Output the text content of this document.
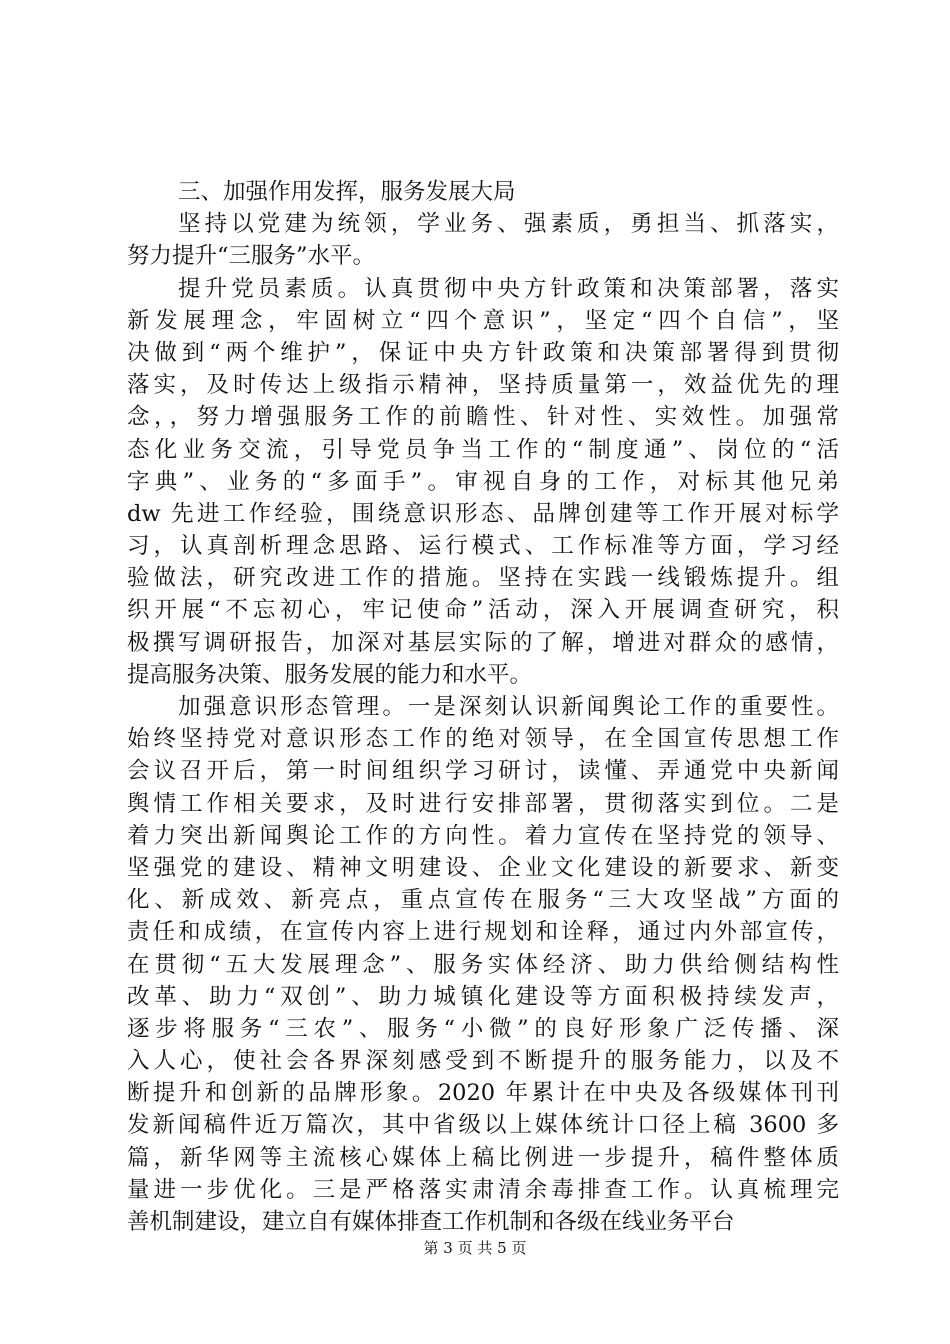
三、加强作用发挥，服务发展大局
坚持以党建为统领，学业务、强素质，勇担当、抓落实，
努力提升“三服务”水平。
提升党员素质。认真贯彻中央方针政策和决策部署，落实
新发展理念，牢固树立“四个意识”，坚定“四个自信”，坚
决做到“两个维护”，保证中央方针政策和决策部署得到贯彻
落实，及时传达上级指示精神，坚持质量第一，效益优先的理
念，，努力增强服务工作的前瞻性、针对性、实效性。加强常
态化业务交流，引导党员争当工作的“制度通”、岗位的“活
字典”、业务的“多面手”。审视自身的工作，对标其他兄弟
dw 先进工作经验，围绕意识形态、品牌创建等工作开展对标学
习，认真剖析理念思路、运行模式、工作标准等方面，学习经
验做法，研究改进工作的措施。坚持在实践一线锻炼提升。组
织开展“不忘初心，牢记使命”活动，深入开展调查研究，积
极撰写调研报告，加深对基层实际的了解，增进对群众的感情，
提高服务决策、服务发展的能力和水平。
加强意识形态管理。一是深刻认识新闻舆论工作的重要性。
始终坚持党对意识形态工作的绝对领导，在全国宣传思想工作
会议召开后，第一时间组织学习研讨，读懂、弄通党中央新闻
舆情工作相关要求，及时进行安排部署，贯彻落实到位。二是
着力突出新闻舆论工作的方向性。着力宣传在坚持党的领导、
坚强党的建设、精神文明建设、企业文化建设的新要求、新变
化、新成效、新亮点，重点宣传在服务“三大攻坚战”方面的
责任和成绩，在宣传内容上进行规划和诠释，通过内外部宣传，
在贯彻“五大发展理念”、服务实体经济、助力供给侧结构性
改革、助力“双创”、助力城镇化建设等方面积极持续发声，
逐步将服务“三农”、服务“小微”的良好形象广泛传播、深
入人心，使社会各界深刻感受到不断提升的服务能力，以及不
断提升和创新的品牌形象。2020 年累计在中央及各级媒体刊刊
发新闻稿件近万篇次，其中省级以上媒体统计口径上稿 3600 多
篇，新华网等主流核心媒体上稿比例进一步提升，稿件整体质
量进一步优化。三是严格落实肃清余毒排查工作。认真梳理完
善机制建设，建立自有媒体排查工作机制和各级在线业务平台
第 3 页 共 5 页
